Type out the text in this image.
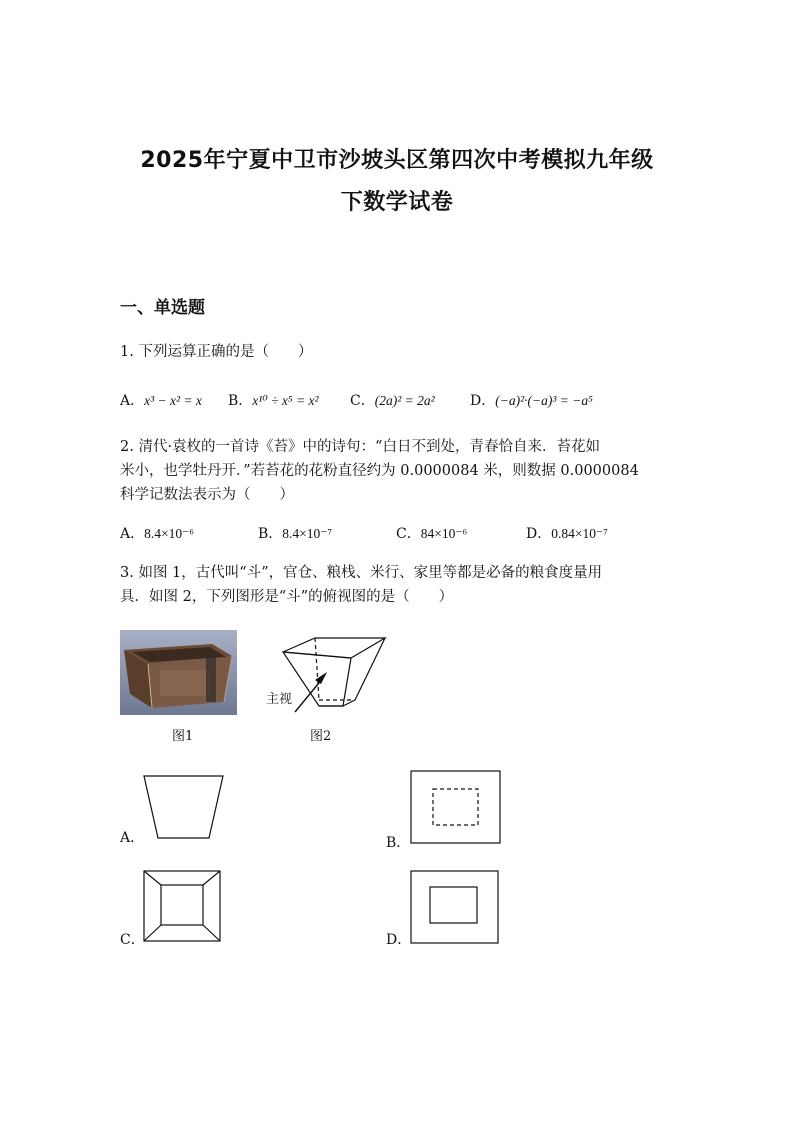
2025年宁夏中卫市沙坡头区第四次中考模拟九年级
下数学试卷
一、单选题
1. 下列运算正确的是（　　）
A．x³ − x² = x B．x¹⁰ ÷ x⁵ = x² C．(2a)² = 2a²	D．(−a)²·(−a)³ = −a⁵
2. 清代·袁枚的一首诗《苔》中的诗句：“白日不到处，青春恰自来．苔花如
米小，也学牡丹开．”若苔花的花粉直径约为 0.0000084 米，则数据 0.0000084
科学记数法表示为（　　）
A．8.4×10⁻⁶	B．8.4×10⁻⁷	C．84×10⁻⁶	D．0.84×10⁻⁷
3. 如图 1，古代叫“斗”，官仓、粮栈、米行、家里等都是必备的粮食度量用
具．如图 2，下列图形是“斗”的俯视图的是（　　）
图1
主视
图2
A．	B．
C．	D．
